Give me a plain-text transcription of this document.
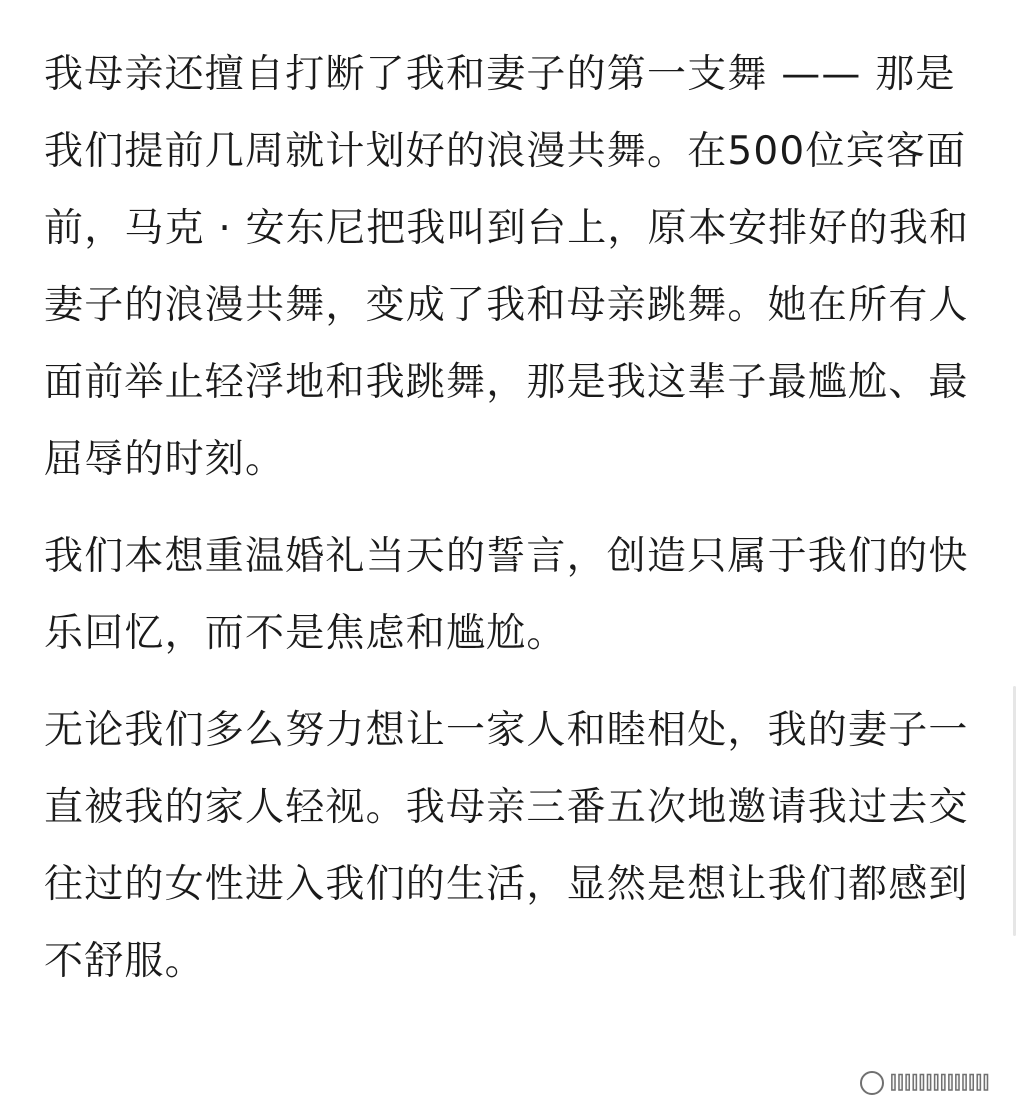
我母亲还擅自打断了我和妻子的第一支舞 —— 那是我们提前几周就计划好的浪漫共舞。在500位宾客面前，马克 · 安东尼把我叫到台上，原本安排好的我和妻子的浪漫共舞，变成了我和母亲跳舞。她在所有人面前举止轻浮地和我跳舞，那是我这辈子最尴尬、最屈辱的时刻。

我们本想重温婚礼当天的誓言，创造只属于我们的快乐回忆，而不是焦虑和尴尬。

无论我们多么努力想让一家人和睦相处，我的妻子一直被我的家人轻视。我母亲三番五次地邀请我过去交往过的女性进入我们的生活，显然是想让我们都感到不舒服。

IIIIIIIIIIIIII
